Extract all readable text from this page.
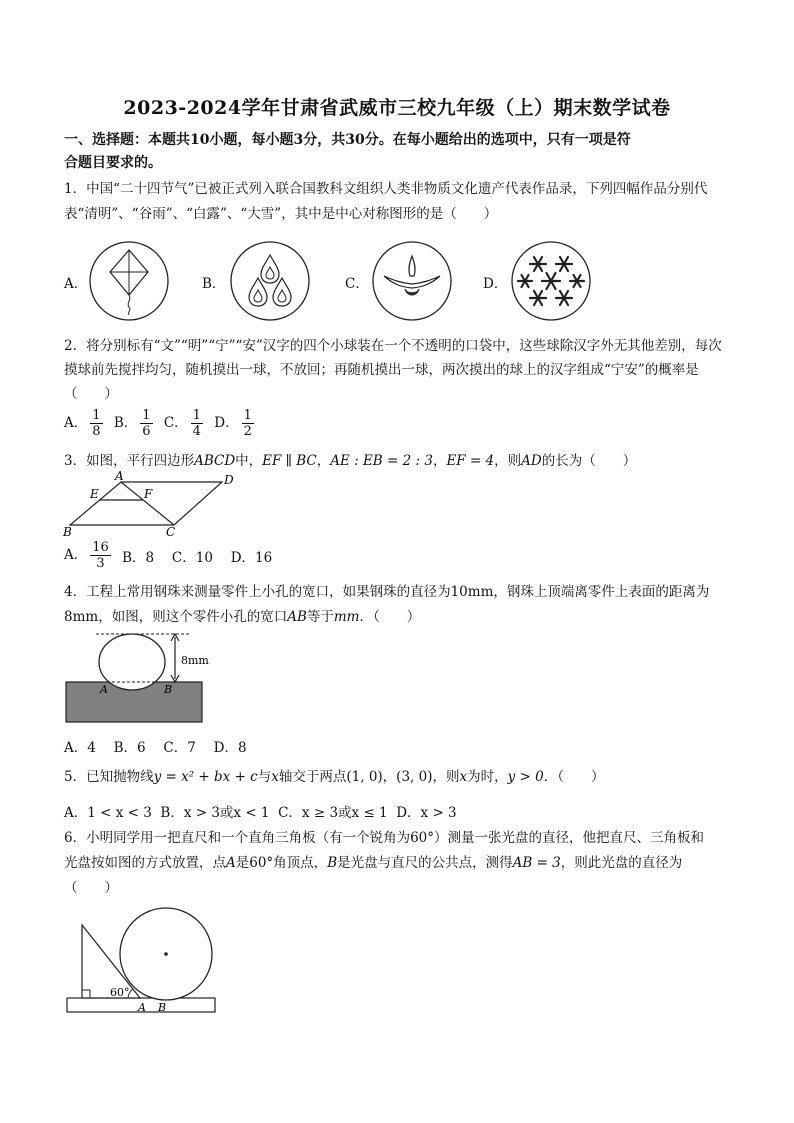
2023-2024学年甘肃省武威市三校九年级（上）期末数学试卷
一、选择题：本题共10小题，每小题3分，共30分。在每小题给出的选项中，只有一项是符
合题目要求的。
1．中国“二十四节气”已被正式列入联合国教科文组织人类非物质文化遗产代表作品录，下列四幅作品分别代
表“清明”、“谷雨”、“白露”、“大雪”，其中是中心对称图形的是（　　）
A．	B．	C．	D．
2．将分别标有“文”“明”“宁”“安”汉字的四个小球装在一个不透明的口袋中，这些球除汉字外无其他差别，每次
摸球前先搅拌均匀，随机摸出一球，不放回；再随机摸出一球，两次摸出的球上的汉字组成“宁安”的概率是
（　　）
A． $\frac{1}{8}$ B． $\frac{1}{6}$ C． $\frac{1}{4}$ D． $\frac{1}{2}$
3．如图，平行四边形ABCD中，EF ∥ BC，AE : EB = 2 : 3，EF = 4，则AD的长为（　　）
A	D
E	F
B	C
A． $\frac{16}{3}$ B．8　 C．10　 D．16
4．工程上常用钢珠来测量零件上小孔的宽口，如果钢珠的直径为10mm，钢珠上顶端离零件上表面的距离为
8mm，如图，则这个零件小孔的宽口AB等于mm．（　　）
8mm
A	B
A．4　 B．6　 C．7　 D．8
5．已知抛物线y = x² + bx + c与x轴交于两点(1, 0)，(3, 0)，则x为时，y > 0．（　　）
A．1 < x < 3  B．x > 3或x < 1  C．x ≥ 3或x ≤ 1  D．x > 3
6．小明同学用一把直尺和一个直角三角板（有一个锐角为60°）测量一张光盘的直径，他把直尺、三角板和
光盘按如图的方式放置，点A是60°角顶点，B是光盘与直尺的公共点，测得AB = 3，则此光盘的直径为
（　　）
60°
A B
